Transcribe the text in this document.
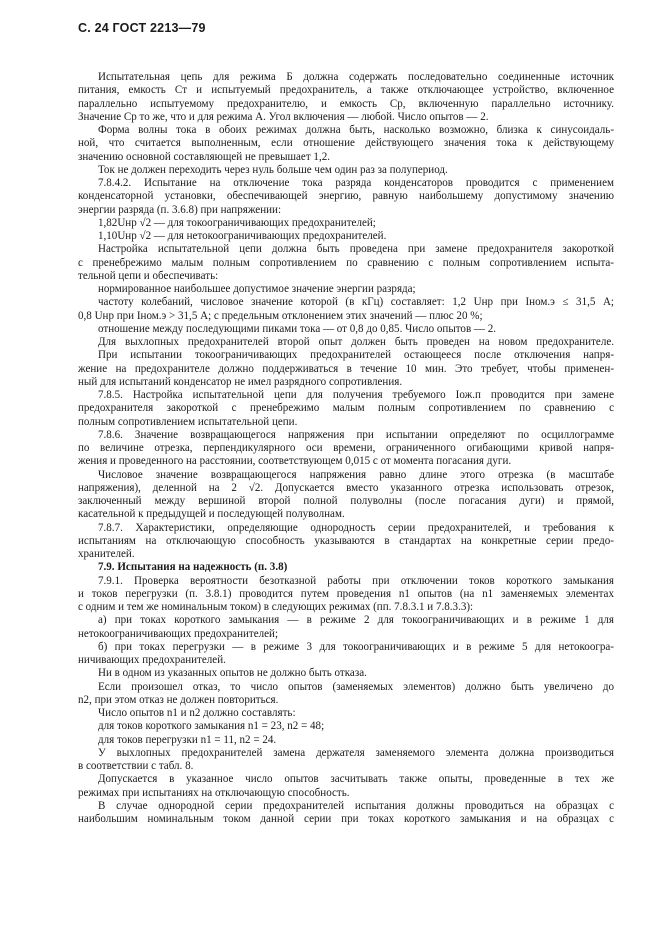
С. 24 ГОСТ 2213—79
Испытательная цепь для режима Б должна содержать последовательно соединенные источник
питания, емкость Cт и испытуемый предохранитель, а также отключающее устройство, включенное
параллельно испытуемому предохранителю, и емкость Cр, включенную параллельно источнику.
Значение Cр то же, что и для режима А. Угол включения — любой. Число опытов — 2.
Форма волны тока в обоих режимах должна быть, насколько возможно, близка к синусоидаль-
ной, что считается выполненным, если отношение действующего значения тока к действующему
значению основной составляющей не превышает 1,2.
Ток не должен переходить через нуль больше чем один раз за полупериод.
7.8.4.2. Испытание на отключение тока разряда конденсаторов проводится с применением
конденсаторной установки, обеспечивающей энергию, равную наибольшему допустимому значению
энергии разряда (п. 3.6.8) при напряжении:
1,82Uнр √2 — для токоограничивающих предохранителей;
1,10Uнр √2 — для нетокоограничивающих предохранителей.
Настройка испытательной цепи должна быть проведена при замене предохранителя закороткой
с пренебрежимо малым полным сопротивлением по сравнению с полным сопротивлением испыта-
тельной цепи и обеспечивать:
нормированное наибольшее допустимое значение энергии разряда;
частоту колебаний, числовое значение которой (в кГц) составляет: 1,2 Uнр при Iном.э ≤ 31,5 А;
0,8 Uнр при Iном.э > 31,5 А; с предельным отклонением этих значений — плюс 20 %;
отношение между последующими пиками тока — от 0,8 до 0,85. Число опытов — 2.
Для выхлопных предохранителей второй опыт должен быть проведен на новом предохранителе.
При испытании токоограничивающих предохранителей остающееся после отключения напря-
жение на предохранителе должно поддерживаться в течение 10 мин. Это требует, чтобы применен-
ный для испытаний конденсатор не имел разрядного сопротивления.
7.8.5. Настройка испытательной цепи для получения требуемого Iож.п проводится при замене
предохранителя закороткой с пренебрежимо малым полным сопротивлением по сравнению с
полным сопротивлением испытательной цепи.
7.8.6. Значение возвращающегося напряжения при испытании определяют по осциллограмме
по величине отрезка, перпендикулярного оси времени, ограниченного огибающими кривой напря-
жения и проведенного на расстоянии, соответствующем 0,015 с от момента погасания дуги.
Числовое значение возвращающегося напряжения равно длине этого отрезка (в масштабе
напряжения), деленной на 2 √2. Допускается вместо указанного отрезка использовать отрезок,
заключенный между вершиной второй полной полуволны (после погасания дуги) и прямой,
касательной к предыдущей и последующей полуволнам.
7.8.7. Характеристики, определяющие однородность серии предохранителей, и требования к
испытаниям на отключающую способность указываются в стандартах на конкретные серии предо-
хранителей.
7.9. Испытания на надежность (п. 3.8)
7.9.1. Проверка вероятности безотказной работы при отключении токов короткого замыкания
и токов перегрузки (п. 3.8.1) проводится путем проведения n1 опытов (на n1 заменяемых элементах
с одним и тем же номинальным током) в следующих режимах (пп. 7.8.3.1 и 7.8.3.3):
а) при токах короткого замыкания — в режиме 2 для токоограничивающих и в режиме 1 для
нетокоограничивающих предохранителей;
б) при токах перегрузки — в режиме 3 для токоограничивающих и в режиме 5 для нетокоогра-
ничивающих предохранителей.
Ни в одном из указанных опытов не должно быть отказа.
Если произошел отказ, то число опытов (заменяемых элементов) должно быть увеличено до
n2, при этом отказ не должен повториться.
Число опытов n1 и n2 должно составлять:
для токов короткого замыкания n1 = 23, n2 = 48;
для токов перегрузки n1 = 11, n2 = 24.
У выхлопных предохранителей замена держателя заменяемого элемента должна производиться
в соответствии с табл. 8.
Допускается в указанное число опытов засчитывать также опыты, проведенные в тех же
режимах при испытаниях на отключающую способность.
В случае однородной серии предохранителей испытания должны проводиться на образцах с
наибольшим номинальным током данной серии при токах короткого замыкания и на образцах с
